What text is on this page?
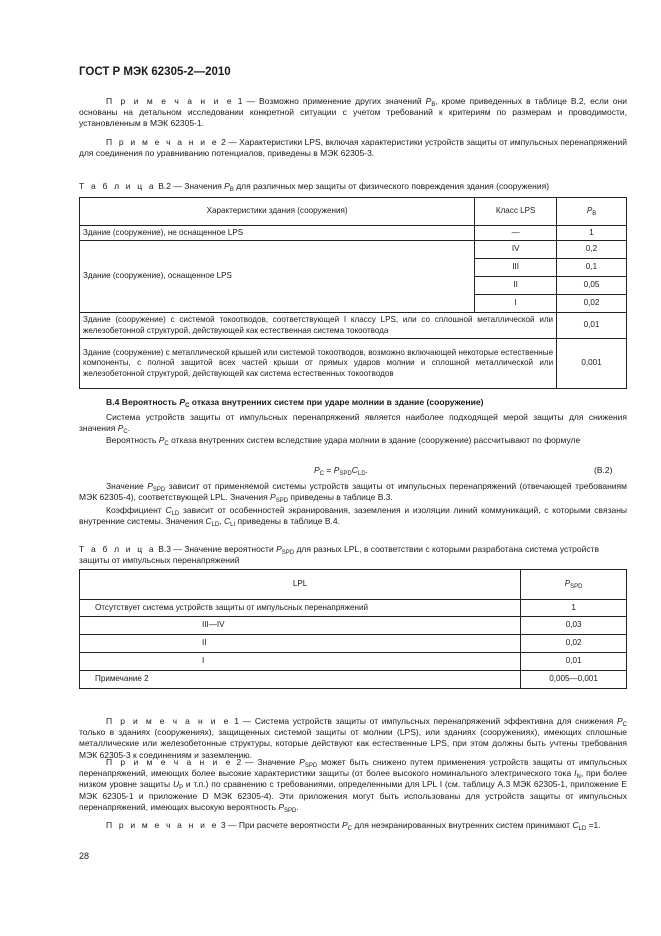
ГОСТ Р МЭК 62305-2—2010
П р и м е ч а н и е 1 — Возможно применение других значений $P_B$, кроме приведенных в таблице B.2, если они основаны на детальном исследовании конкретной ситуации с учетом требований к критериям по размерам и проводимости, установленным в МЭК 62305-1.
П р и м е ч а н и е 2 — Характеристики LPS, включая характеристики устройств защиты от импульсных перенапряжений для соединения по уравниванию потенциалов, приведены в МЭК 62305-3.
Т а б л и ц а B.2 — Значения $P_B$ для различных мер защиты от физического повреждения здания (сооружения)
Характеристики здания (сооружения)	Класс LPS	$P_B$
Здание (сооружение), не оснащенное LPS	—	1
Здание (сооружение), оснащенное LPS	IV	0,2
	III	0,1
	II	0,05
	I	0,02
Здание (сооружение) с системой токоотводов, соответствующей I классу LPS, или со сплошной металлической или железобетонной структурой, действующей как естественная система токоотвода		0,01
Здание (сооружение) с металлической крышей или системой токоотводов, возможно включающей некоторые естественные компоненты, с полной защитой всех частей крыши от прямых ударов молнии и сплошной металлической или железобетонной структурой, действующей как система естественных токоотводов		0,001
B.4 Вероятность $P_C$ отказа внутренних систем при ударе молнии в здание (сооружение)
Система устройств защиты от импульсных перенапряжений является наиболее подходящей мерой защиты для снижения значения $P_C$.
Вероятность $P_C$ отказа внутренних систем вследствие удара молнии в здание (сооружение) рассчитывают по формуле
$P_C = P_{SPD}C_{LD}$.	(B.2)
Значение $P_{SPD}$ зависит от применяемой системы устройств защиты от импульсных перенапряжений (отвечающей требованиям МЭК 62305-4), соответствующей LPL. Значения $P_{SPD}$ приведены в таблице B.3.
Коэффициент $C_{LD}$ зависит от особенностей экранирования, заземления и изоляции линий коммуникаций, с которыми связаны внутренние системы. Значения $C_{LD}$, $C_{LI}$ приведены в таблице B.4.
Т а б л и ц а B.3 — Значение вероятности $P_{SPD}$ для разных LPL, в соответствии с которыми разработана система устройств защиты от импульсных перенапряжений
LPL	$P_{SPD}$
Отсутствует система устройств защиты от импульсных перенапряжений	1
III—IV	0,03
II	0,02
I	0,01
Примечание 2	0,005—0,001
П р и м е ч а н и е 1 — Система устройств защиты от импульсных перенапряжений эффективна для снижения $P_C$ только в зданиях (сооружениях), защищенных системой защиты от молнии (LPS), или зданиях (сооружениях), имеющих сплошные металлические или железобетонные структуры, которые действуют как естественные LPS, при этом должны быть учтены требования МЭК 62305-3 к соединениям и заземлению.
П р и м е ч а н и е 2 — Значение $P_{SPD}$ может быть снижено путем применения устройств защиты от импульсных перенапряжений, имеющих более высокие характеристики защиты (от более высокого номинального электрического тока $I_N$, при более низком уровне защиты $U_P$ и т.п.) по сравнению с требованиями, определенными для LPL I (см. таблицу A.3 МЭК 62305-1, приложение E МЭК 62305-1 и приложение D МЭК 62305-4). Эти приложения могут быть использованы для устройств защиты от импульсных перенапряжений, имеющих высокую вероятность $P_{SPD}$.
П р и м е ч а н и е 3 — При расчете вероятности $P_C$ для неэкранированных внутренних систем принимают $C_{LD} =1$.
28
